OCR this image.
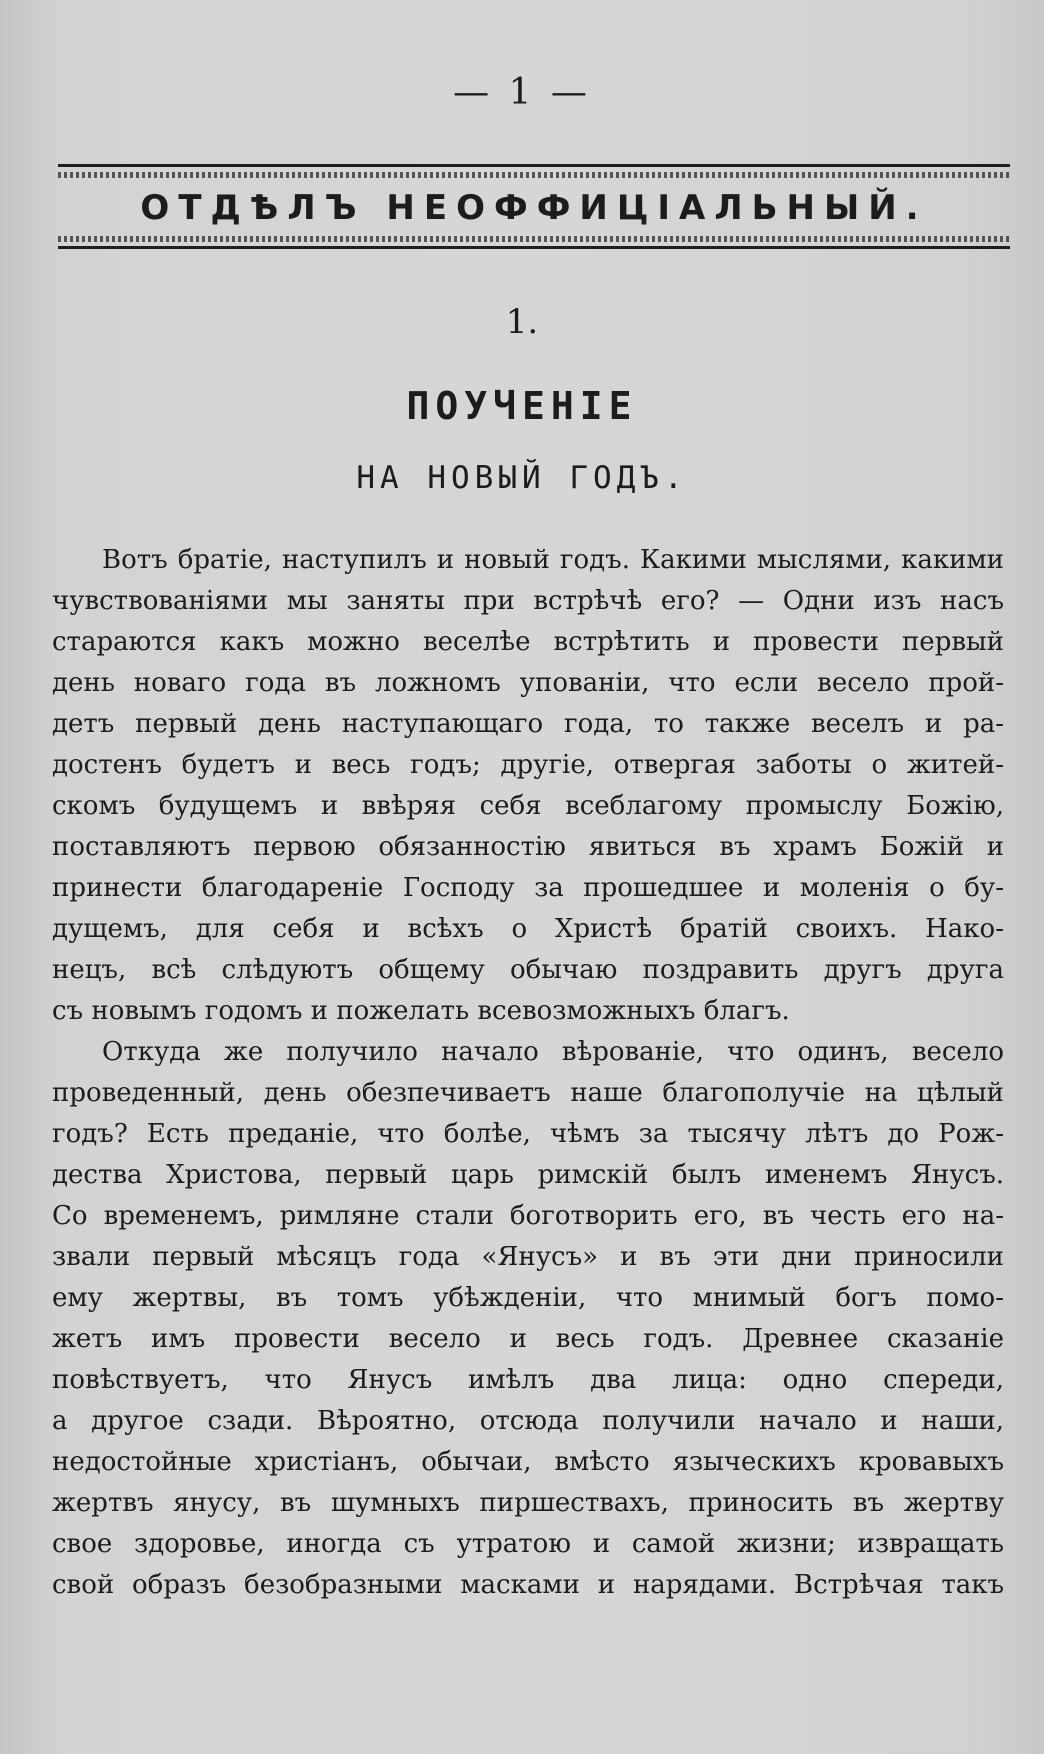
— 1 —
ОТДѢЛЪ НЕОФФИЦІАЛЬНЫЙ.
1.
ПОУЧЕНІЕ
НА НОВЫЙ ГОДЪ.
Вотъ братіе, наступилъ и новый годъ. Какими мыслями, какими
чувствованіями мы заняты при встрѣчѣ его? — Одни изъ насъ
стараются какъ можно веселѣе встрѣтить и провести первый
день новаго года въ ложномъ упованіи, что если весело прой-
детъ первый день наступающаго года, то также веселъ и ра-
достенъ будетъ и весь годъ; другіе, отвергая заботы о житей-
скомъ будущемъ и ввѣряя себя всеблагому промыслу Божію,
поставляютъ первою обязанностію явиться въ храмъ Божій и
принести благодареніе Господу за прошедшее и моленія о бу-
дущемъ, для себя и всѣхъ о Христѣ братій своихъ. Нако-
нецъ, всѣ слѣдуютъ общему обычаю поздравить другъ друга
съ новымъ годомъ и пожелать всевозможныхъ благъ.
Откуда же получило начало вѣрованіе, что одинъ, весело
проведенный, день обезпечиваетъ наше благополучіе на цѣлый
годъ? Есть преданіе, что болѣе, чѣмъ за тысячу лѣтъ до Рож-
дества Христова, первый царь римскій былъ именемъ Янусъ.
Со временемъ, римляне стали боготворить его, въ честь его на-
звали первый мѣсяцъ года «Янусъ» и въ эти дни приносили
ему жертвы, въ томъ убѣжденіи, что мнимый богъ помо-
жетъ имъ провести весело и весь годъ. Древнее сказаніе
повѣствуетъ, что Янусъ имѣлъ два лица: одно спереди,
а другое сзади. Вѣроятно, отсюда получили начало и наши,
недостойные христіанъ, обычаи, вмѣсто языческихъ кровавыхъ
жертвъ янусу, въ шумныхъ пиршествахъ, приносить въ жертву
свое здоровье, иногда съ утратою и самой жизни; извращать
свой образъ безобразными масками и нарядами. Встрѣчая такъ
